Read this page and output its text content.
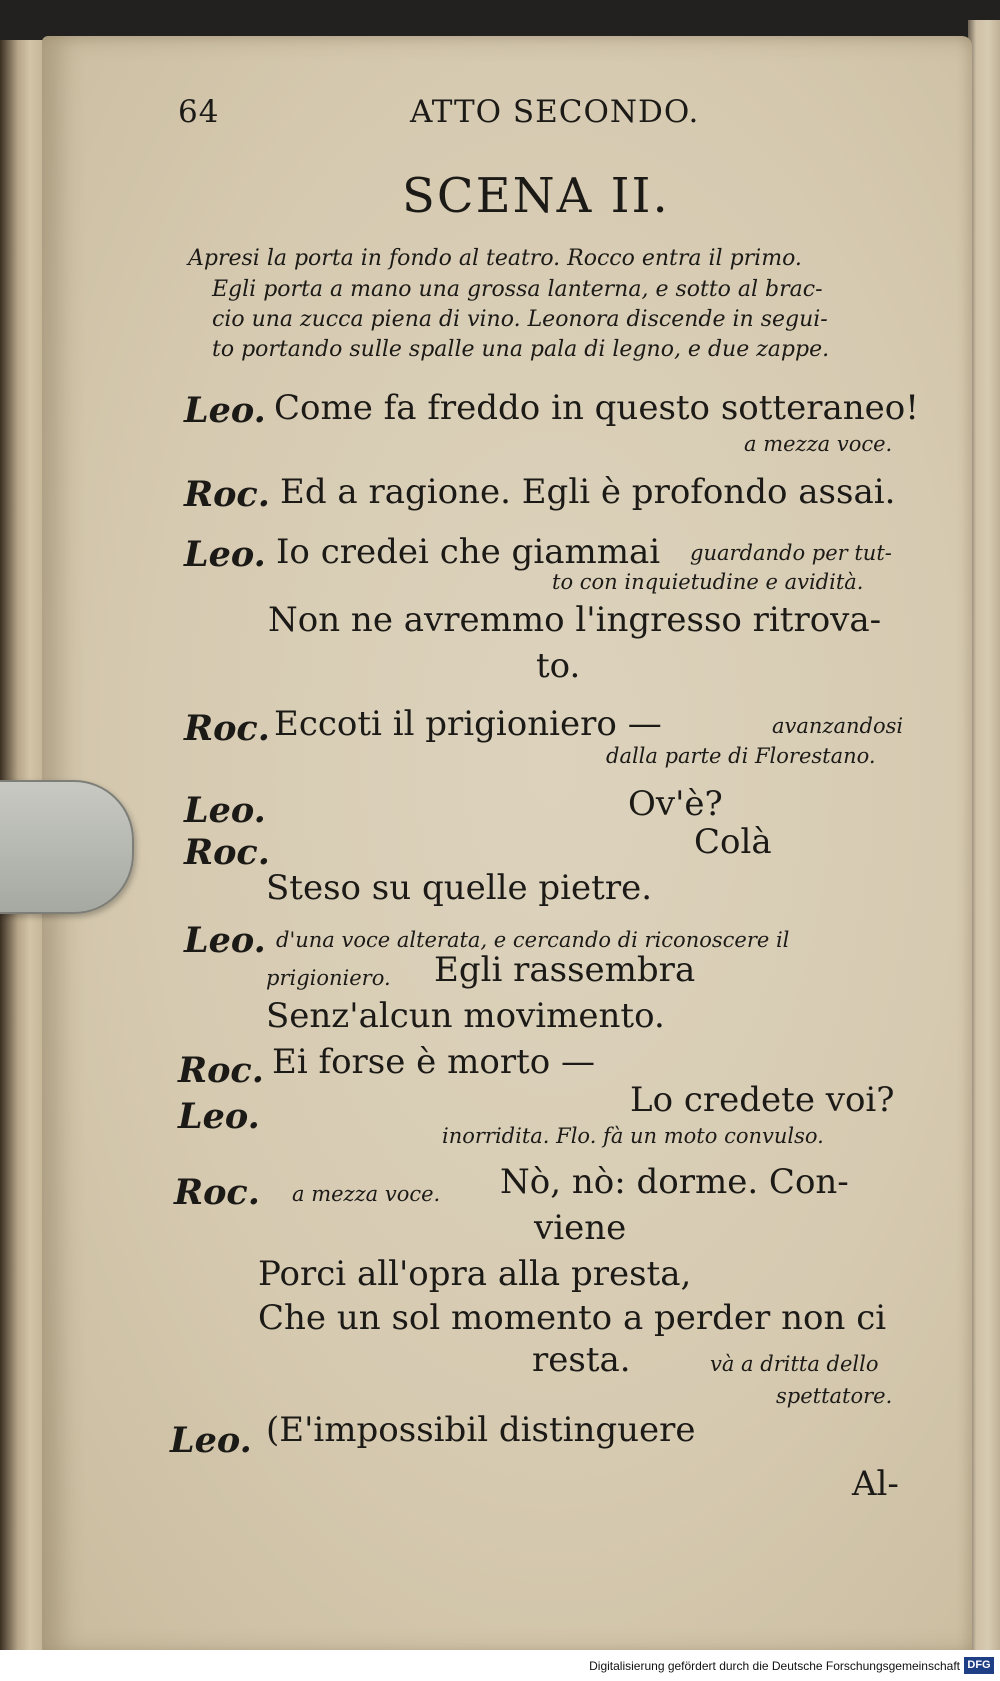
64	ATTO SECONDO.
SCENA II.
Apresi la porta in fondo al teatro. Rocco entra il primo.
Egli porta a mano una grossa lanterna, e sotto al brac-
cio una zucca piena di vino. Leonora discende in segui-
to portando sulle spalle una pala di legno, e due zappe.
Leo. Come fa freddo in questo sotteraneo!
a mezza voce.
Roc. Ed a ragione. Egli è profondo assai.
Leo. Io credei che giammai guardando per tut-
to con inquietudine e avidità.
Non ne avremmo l'ingresso ritrova-
to.
Roc. Eccoti il prigioniero —	avanzandosi
dalla parte di Florestano.
Leo.	Ov'è?
Roc.	Colà
Steso su quelle pietre.
Leo. d'una voce alterata, e cercando di riconoscere il
prigioniero. Egli rassembra
Senz'alcun movimento.
Roc. Ei forse è morto —
Leo.	Lo credete voi?
inorridita. Flo. fà un moto convulso.
Roc. a mezza voce. Nò, nò: dorme. Con-
viene
Porci all'opra alla presta,
Che un sol momento a perder non ci
resta.	và a dritta dello
spettatore.
Leo. (E'impossibil distinguere
Al-
Digitalisierung gefördert durch die Deutsche Forschungsgemeinschaft DFG
